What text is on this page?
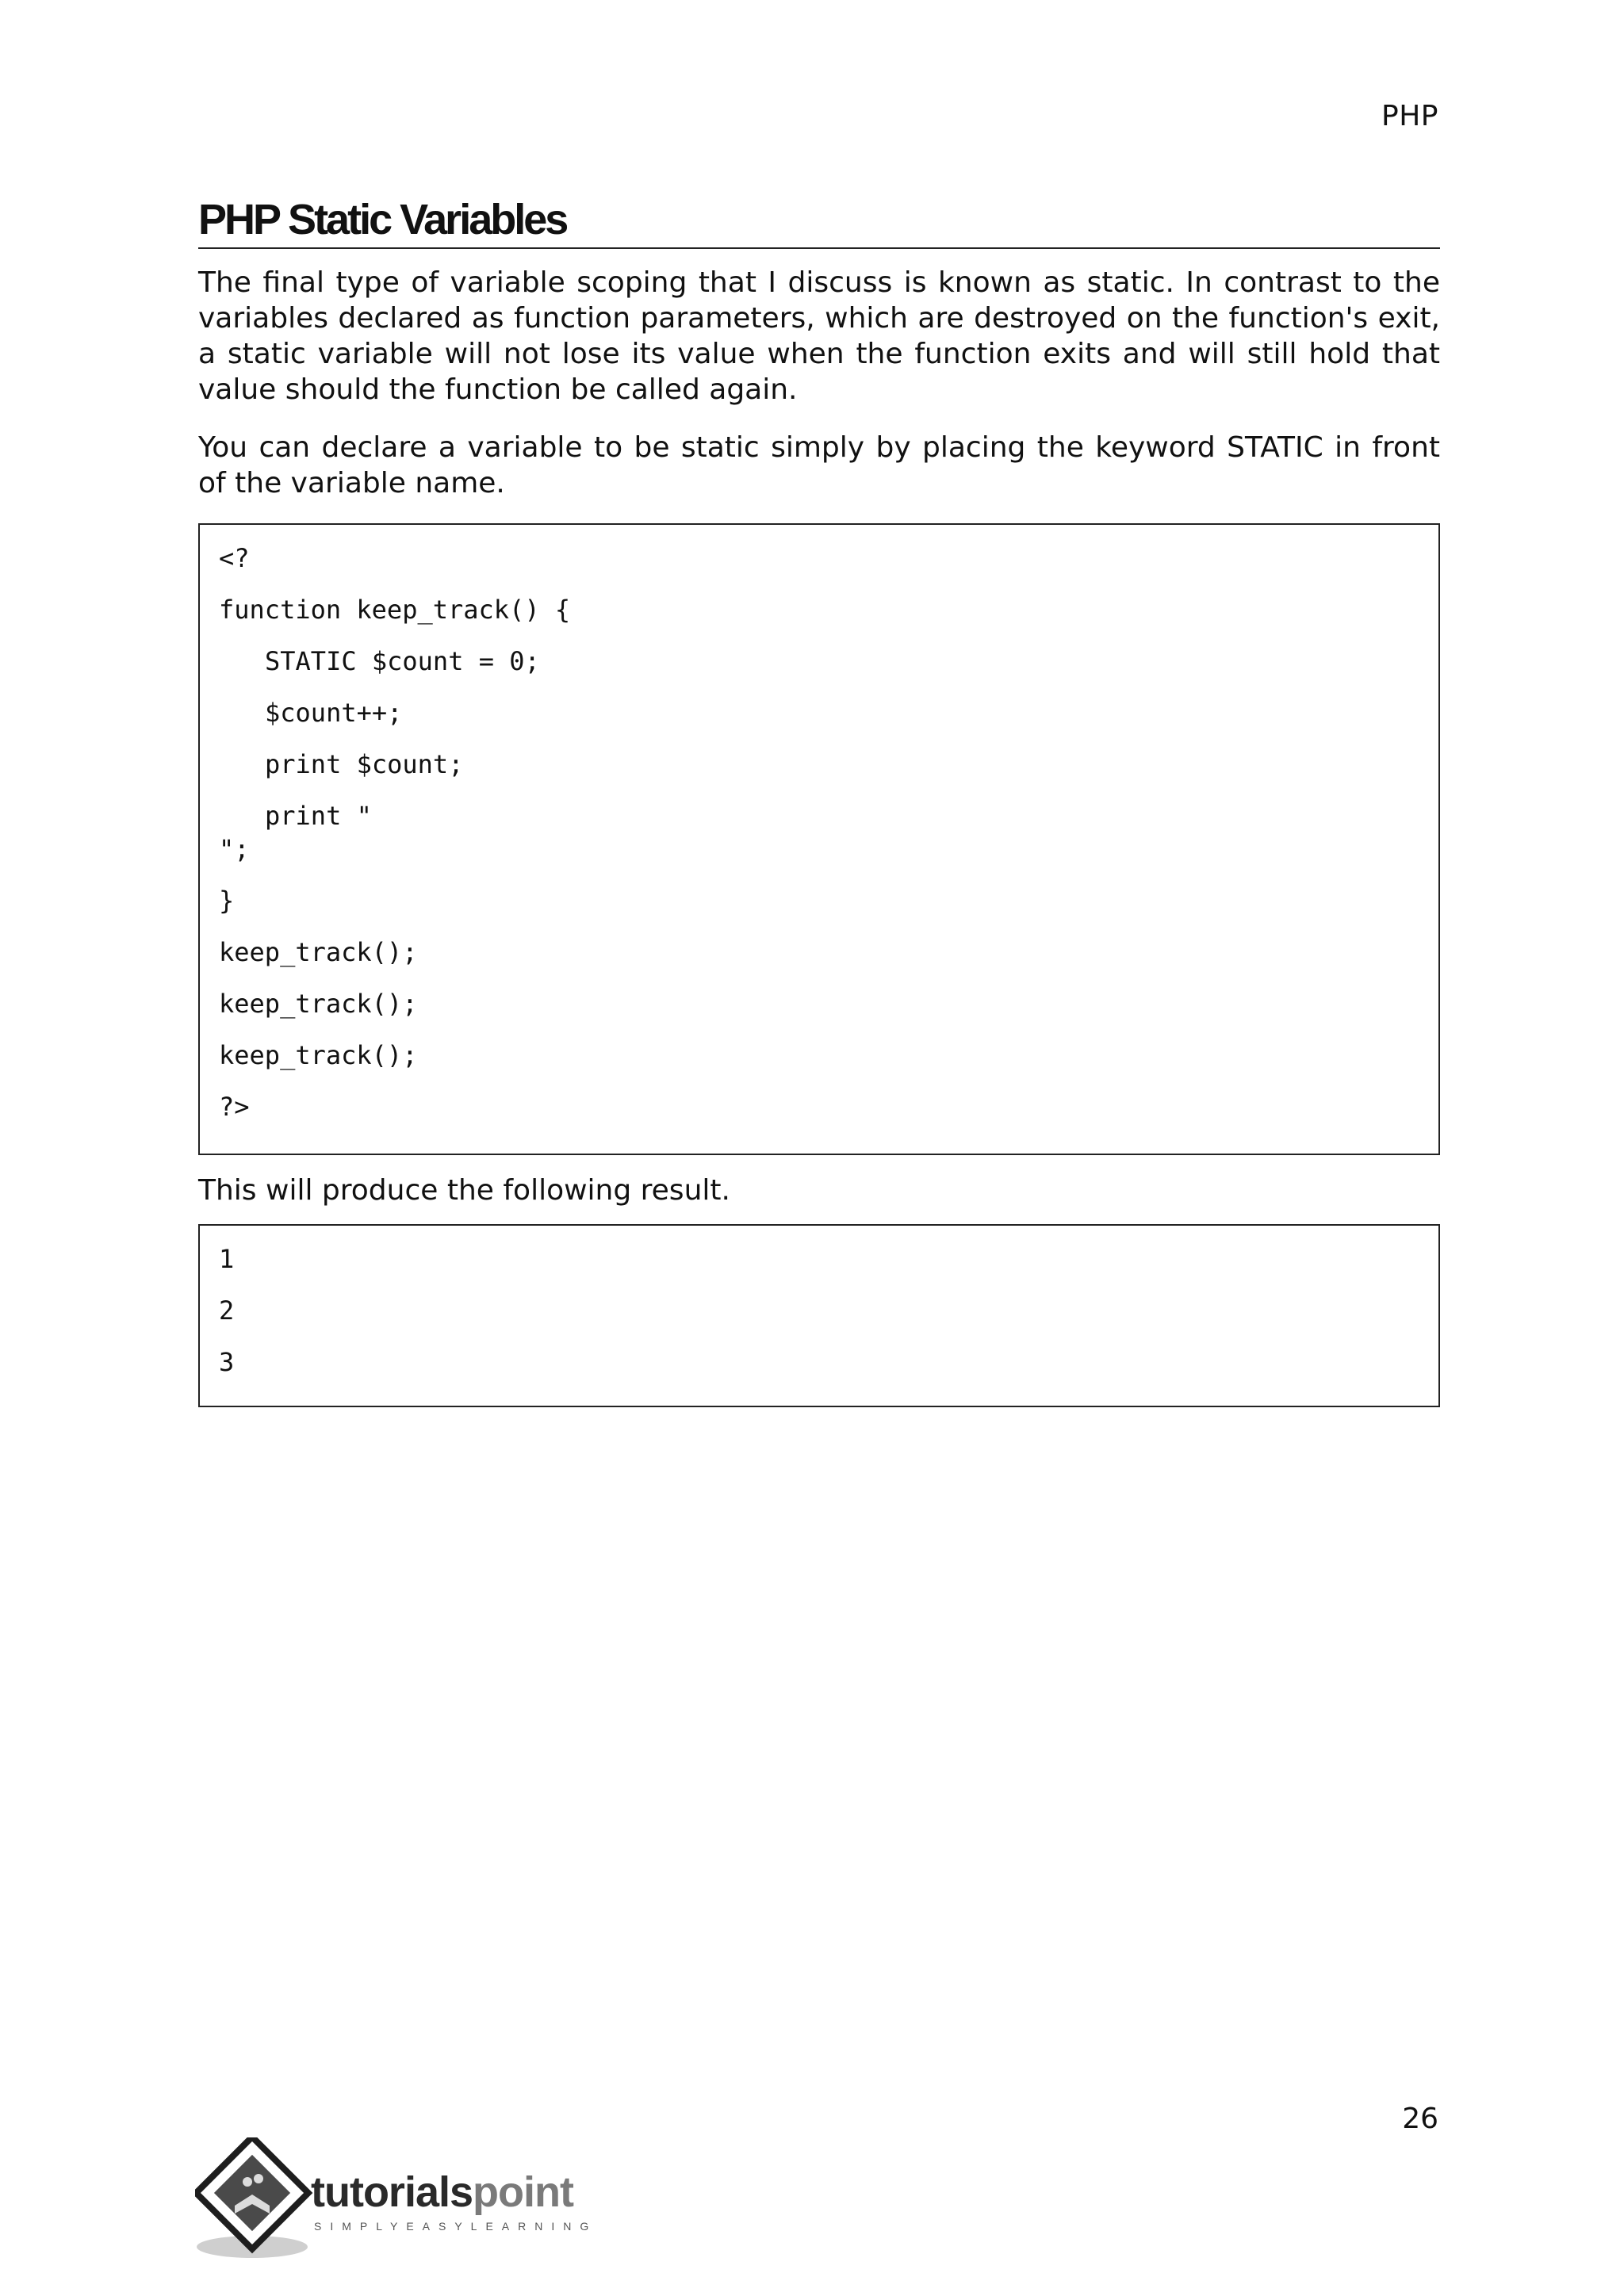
PHP
PHP Static Variables

The final type of variable scoping that I discuss is known as static. In contrast to the variables declared as function parameters, which are destroyed on the function's exit, a static variable will not lose its value when the function exits and will still hold that value should the function be called again.

You can declare a variable to be static simply by placing the keyword STATIC in front of the variable name.

<?
function keep_track() {
STATIC $count = 0;
$count++;
print $count;
print "
";
}
keep_track();
keep_track();
keep_track();
?>

This will produce the following result.

1
2
3
26
tutorialspoint
SIMPLYEASYLEARNING
